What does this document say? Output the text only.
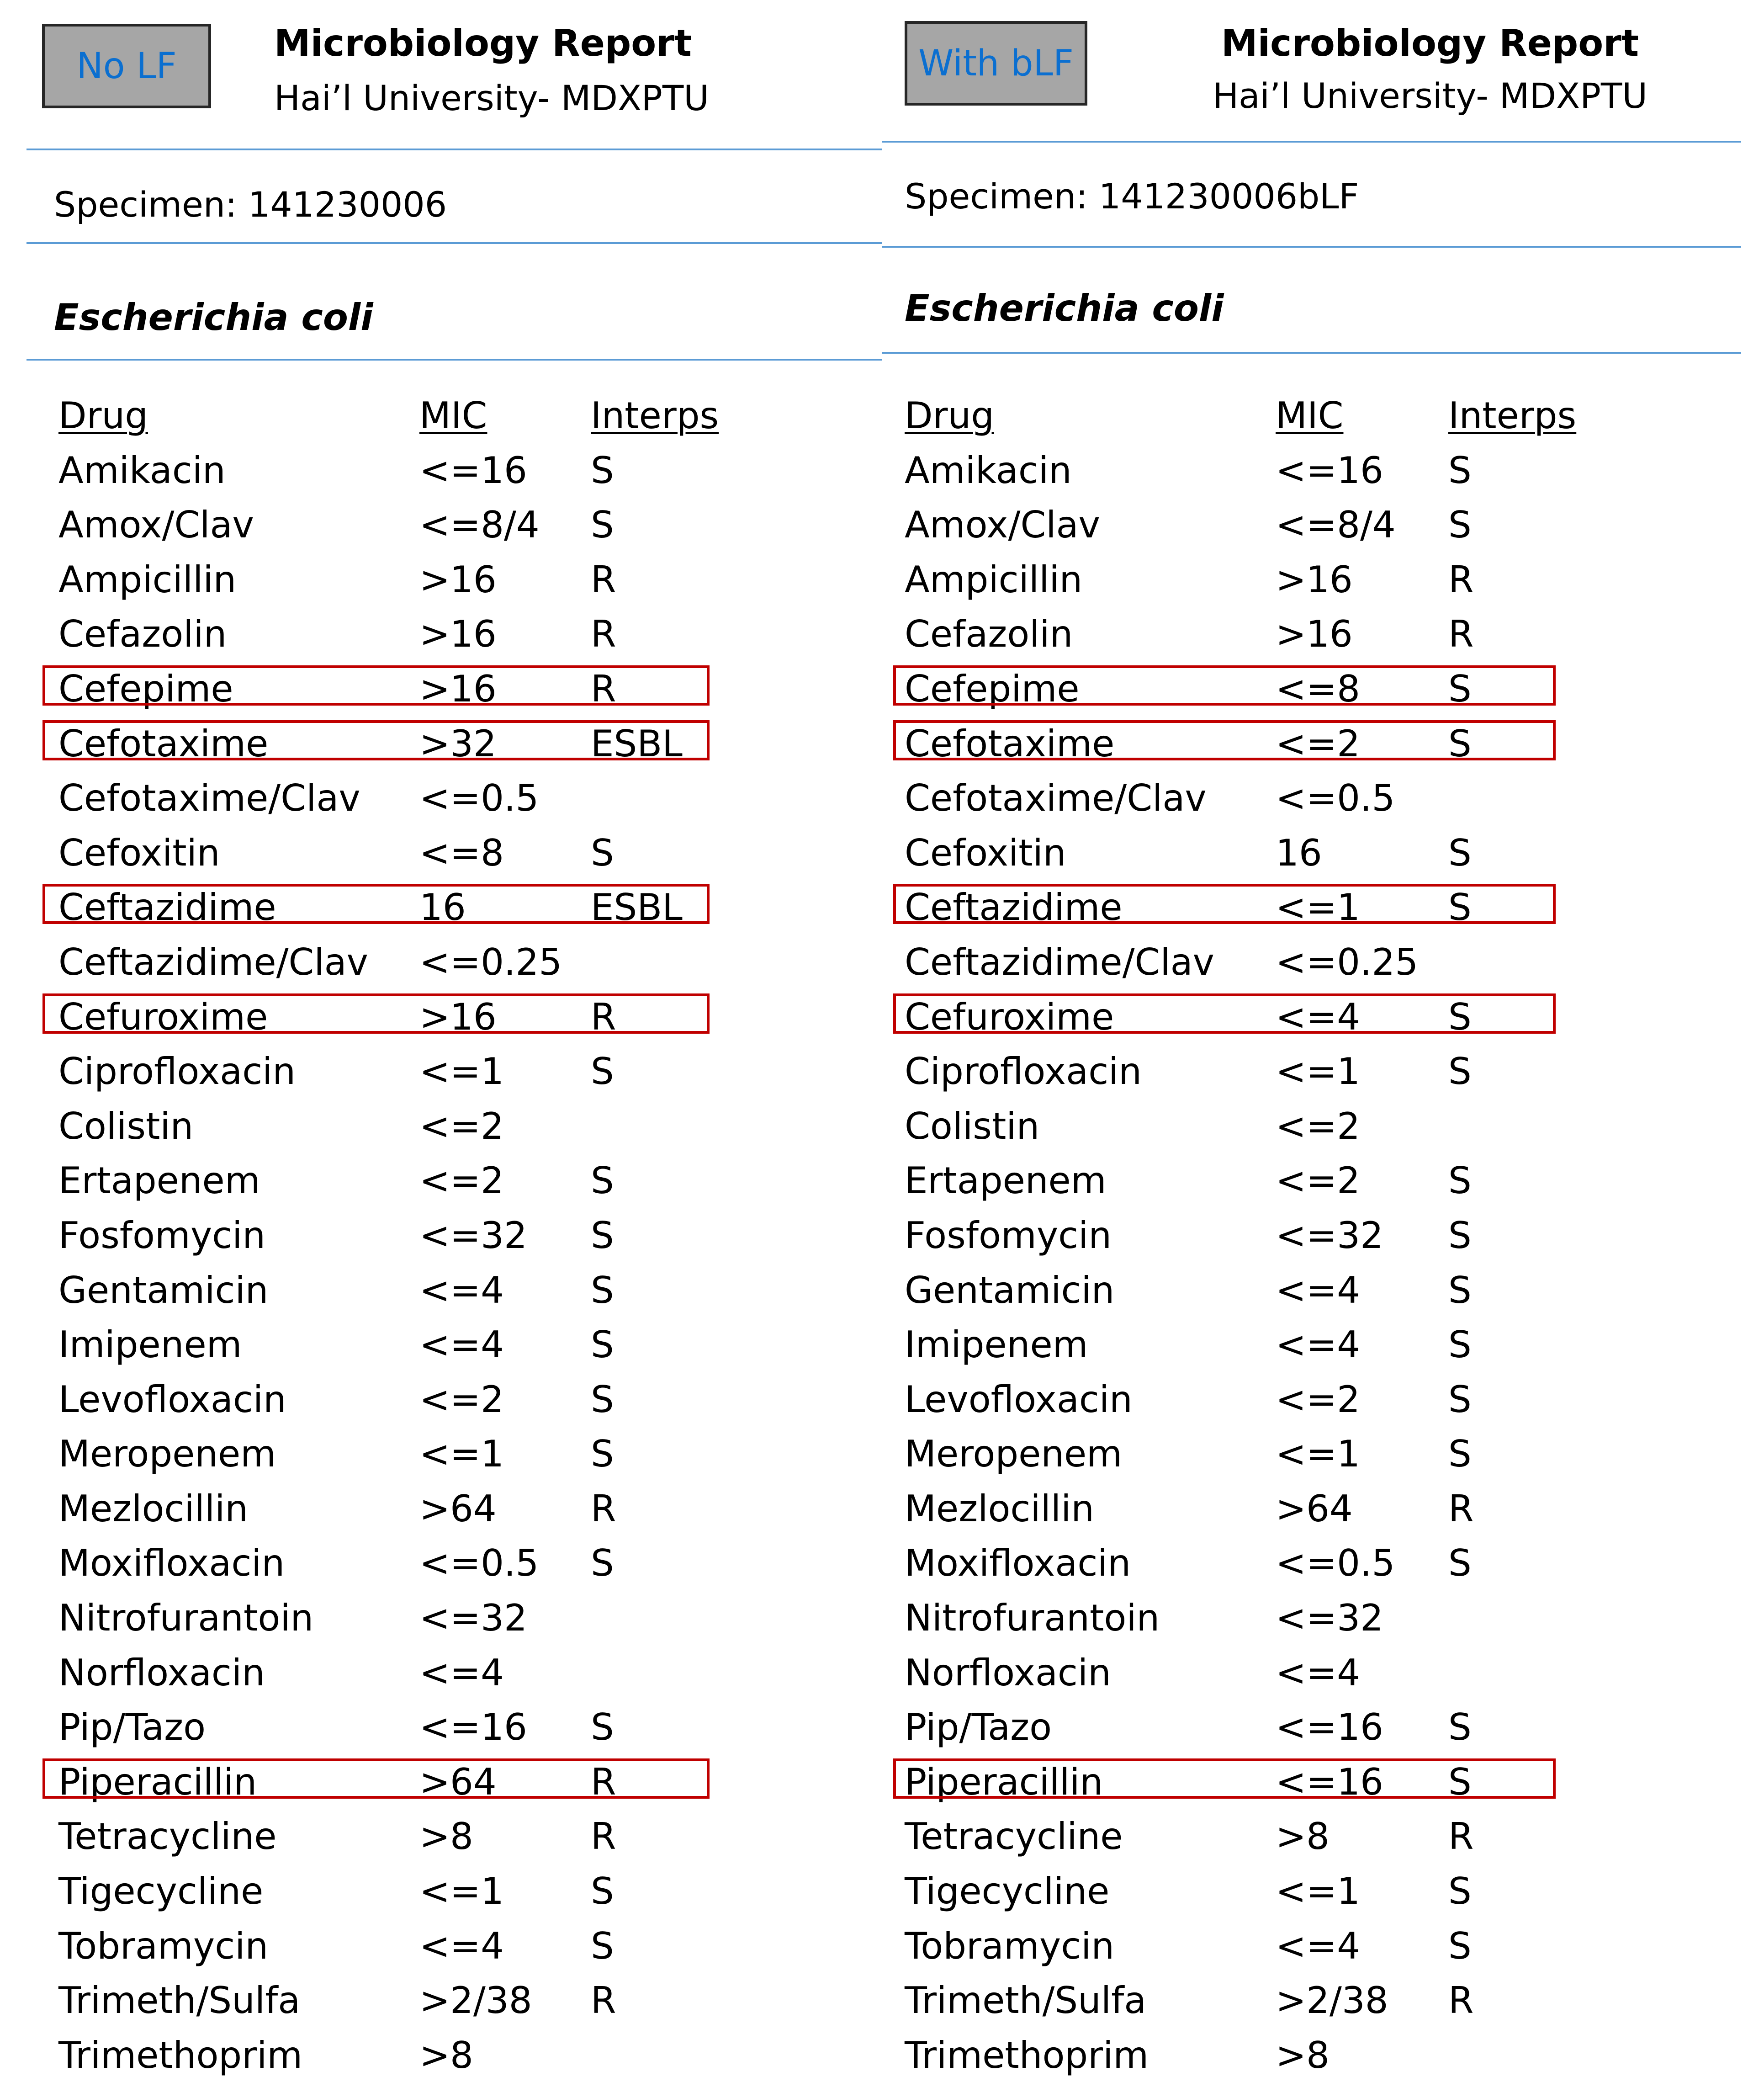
No LF
Microbiology Report
Hai’l University- MDXPTU
Specimen: 141230006
Escherichia coli
Drug	MIC	Interps
Amikacin	<=16 S
Amox/Clav	<=8/4 S
Ampicillin	>16	R
Cefazolin	>16	R
Cefepime	>16	R
Cefotaxime	>32	ESBL
Cefotaxime/Clav <=0.5
Cefoxitin	<=8 S
Ceftazidime	16	ESBL
Ceftazidime/Clav <=0.25
Cefuroxime	>16	R
Ciprofloxacin	<=1 S
Colistin	<=2
Ertapenem	<=2 S
Fosfomycin	<=32 S
Gentamicin	<=4 S
Imipenem	<=4 S
Levofloxacin	<=2 S
Meropenem	<=1 S
Mezlocillin	>64	R
Moxifloxacin	<=0.5 S
Nitrofurantoin	<=32
Norfloxacin	<=4
Pip/Tazo	<=16 S
Piperacillin	>64	R
Tetracycline	>8	R
Tigecycline	<=1 S
Tobramycin	<=4 S
Trimeth/Sulfa	>2/38 R
Trimethoprim	>8
With bLF	Microbiology Report
Hai’l University- MDXPTU
Specimen: 141230006bLF
Escherichia coli
Drug	MIC	Interps
Amikacin	<=16 S
Amox/Clav	<=8/4 S
Ampicillin	>16	R
Cefazolin	>16	R
Cefepime	<=8 S
Cefotaxime	<=2 S
Cefotaxime/Clav <=0.5
Cefoxitin	16	S
Ceftazidime	<=1 S
Ceftazidime/Clav <=0.25
Cefuroxime	<=4 S
Ciprofloxacin	<=1 S
Colistin	<=2
Ertapenem	<=2 S
Fosfomycin	<=32 S
Gentamicin	<=4 S
Imipenem	<=4 S
Levofloxacin	<=2 S
Meropenem	<=1 S
Mezlocillin	>64	R
Moxifloxacin	<=0.5 S
Nitrofurantoin	<=32
Norfloxacin	<=4
Pip/Tazo	<=16 S
Piperacillin	<=16 S
Tetracycline	>8	R
Tigecycline	<=1 S
Tobramycin	<=4 S
Trimeth/Sulfa	>2/38 R
Trimethoprim	>8
